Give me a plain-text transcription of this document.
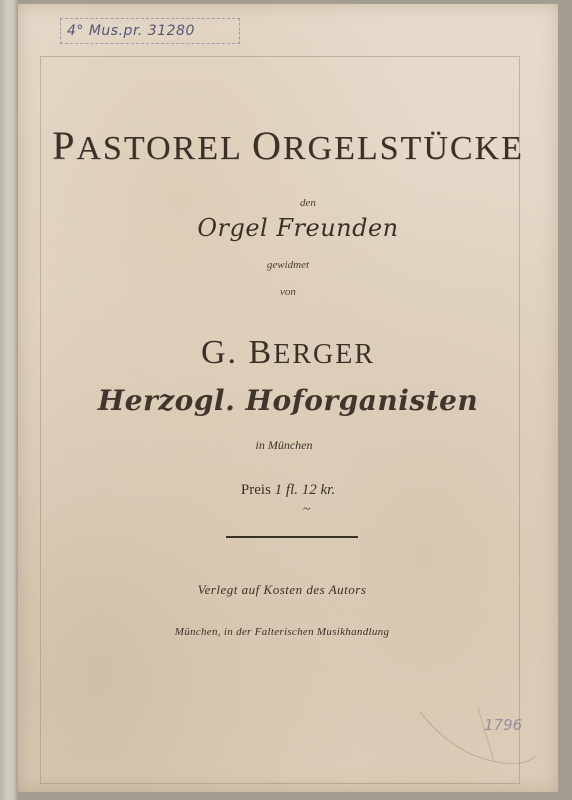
4° Mus.pr. 31280
PASTOREL ORGELSTÜCKE
den
Orgel Freunden
gewidmet
von
G. BERGER
Herzogl. Hoforganisten
in München
Preis 1 fl. 12 kr.
~
Verlegt auf Kosten des Autors
München, in der Falterischen Musikhandlung
1796
